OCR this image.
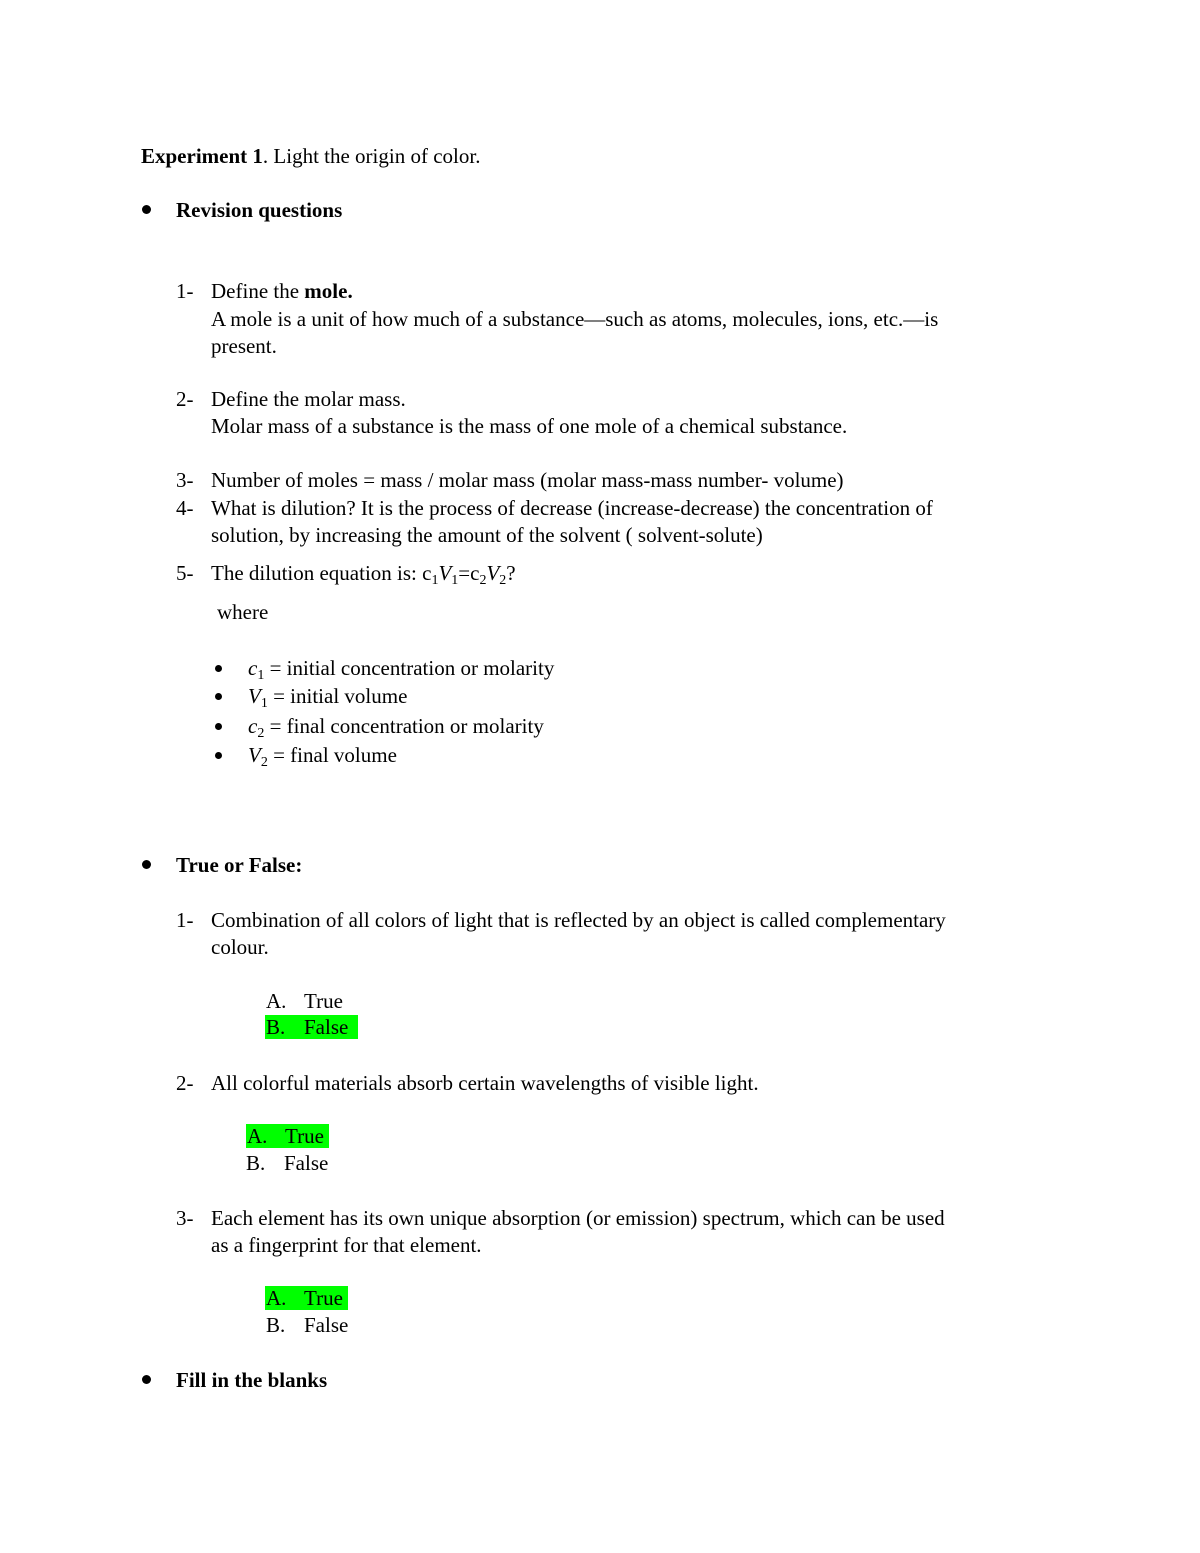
Experiment 1. Light the origin of color.
Revision questions
1- Define the mole.
A mole is a unit of how much of a substance—such as atoms, molecules, ions, etc.—is
present.
2- Define the molar mass.
Molar mass of a substance is the mass of one mole of a chemical substance.
3- Number of moles = mass / molar mass (molar mass-mass number- volume)
4- What is dilution? It is the process of decrease (increase-decrease) the concentration of
solution, by increasing the amount of the solvent ( solvent-solute)
5- The dilution equation is: $c_1V_1=c_2V_2$?
where
$c_1$ = initial concentration or molarity
$V_1$ = initial volume
$c_2$ = final concentration or molarity
$V_2$ = final volume
True or False:
1- Combination of all colors of light that is reflected by an object is called complementary
colour.
A. True
B. False
2- All colorful materials absorb certain wavelengths of visible light.
A. True
B. False
3- Each element has its own unique absorption (or emission) spectrum, which can be used
as a fingerprint for that element.
A. True
B. False
Fill in the blanks
